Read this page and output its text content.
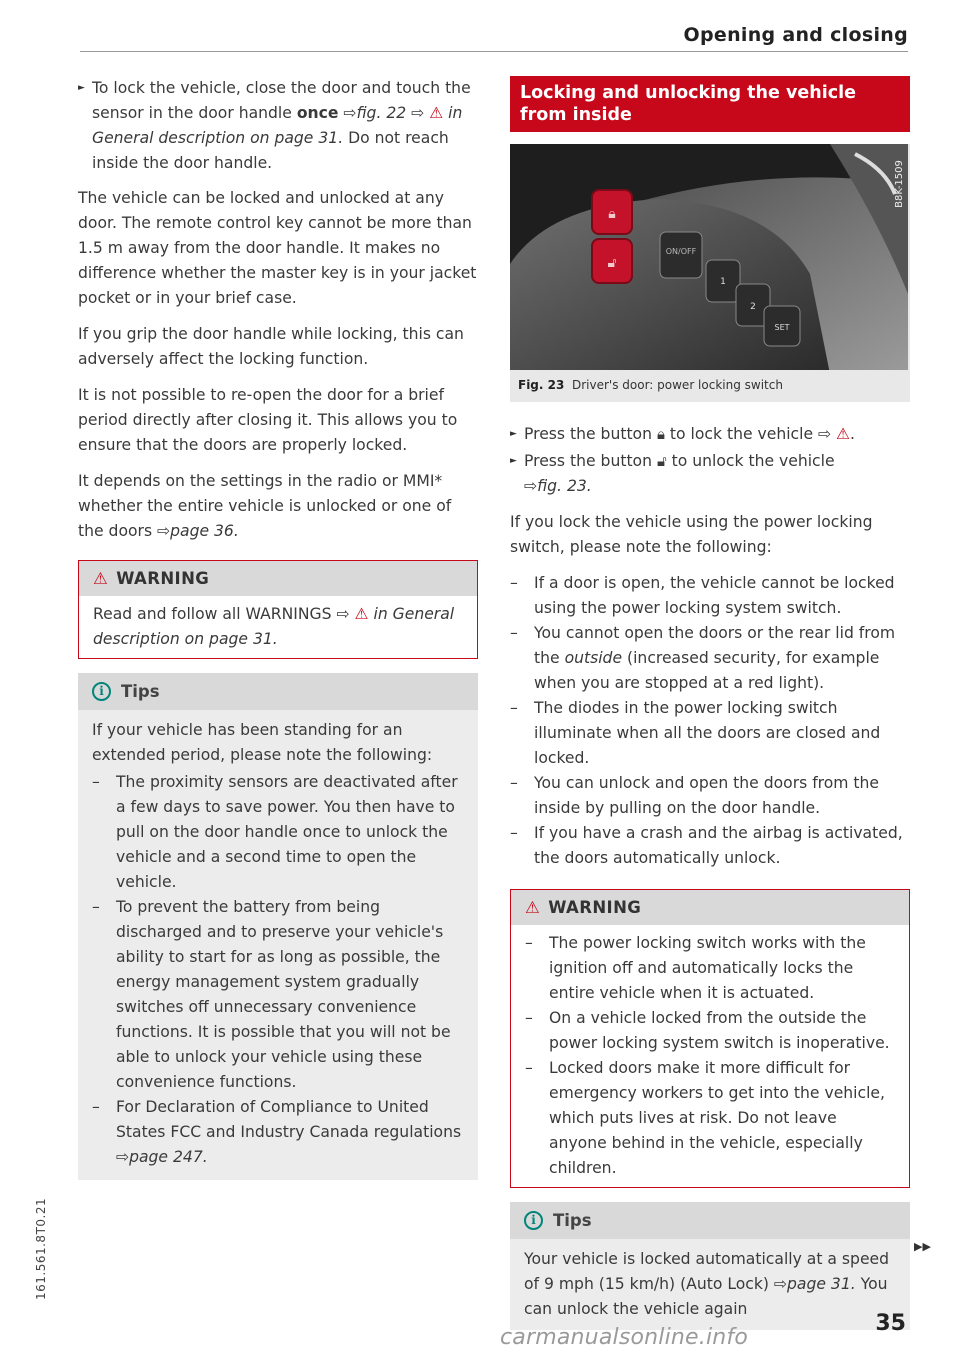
Opening and closing

► To lock the vehicle, close the door and touch the sensor in the door handle once ⇨fig. 22 ⇨ ⚠ in General description on page 31. Do not reach inside the door handle.

The vehicle can be locked and unlocked at any door. The remote control key cannot be more than 1.5 m away from the door handle. It makes no difference whether the master key is in your jacket pocket or in your brief case.

If you grip the door handle while locking, this can adversely affect the locking function.

It is not possible to re-open the door for a brief period directly after closing it. This allows you to ensure that the doors are properly locked.

It depends on the settings in the radio or MMI* whether the entire vehicle is unlocked or one of the doors ⇨page 36.

⚠ WARNING
Read and follow all WARNINGS ⇨ ⚠ in General description on page 31.
i	Tips

If your vehicle has been standing for an extended period, please note the following:

– The proximity sensors are deactivated after a few days to save power. You then have to pull on the door handle once to unlock the vehicle and a second time to open the vehicle.

– To prevent the battery from being discharged and to preserve your vehicle's ability to start for as long as possible, the energy management system gradually switches off unnecessary convenience functions. It is possible that you will not be able to unlock your vehicle using these convenience functions.

– For Declaration of Compliance to United States FCC and Industry Canada regulations ⇨page 247.

Locking and unlocking the vehicle from inside
🔒︎
🔓︎
ON/OFF
1
2
SET
B8K-1509
Fig. 23 Driver's door: power locking switch

► Press the button 🔒︎ to lock the vehicle ⇨ ⚠.

► Press the button 🔓︎ to unlock the vehicle
⇨fig. 23.

If you lock the vehicle using the power locking switch, please note the following:

– If a door is open, the vehicle cannot be locked using the power locking system switch.

– You cannot open the doors or the rear lid from the outside (increased security, for example when you are stopped at a red light).

– The diodes in the power locking switch illuminate when all the doors are closed and locked.

– You can unlock and open the doors from the inside by pulling on the door handle.

– If you have a crash and the airbag is activated, the doors automatically unlock.

⚠ WARNING

– The power locking switch works with the ignition off and automatically locks the entire vehicle when it is actuated.

– On a vehicle locked from the outside the power locking system switch is inoperative.

– Locked doors make it more difficult for emergency workers to get into the vehicle, which puts lives at risk. Do not leave anyone behind in the vehicle, especially children.

i	Tips

Your vehicle is locked automatically at a speed of 9 mph (15 km/h) (Auto Lock) ⇨page 31. You can unlock the vehicle again

▶▶
161.561.8T0.21
35
carmanualsonline.info
